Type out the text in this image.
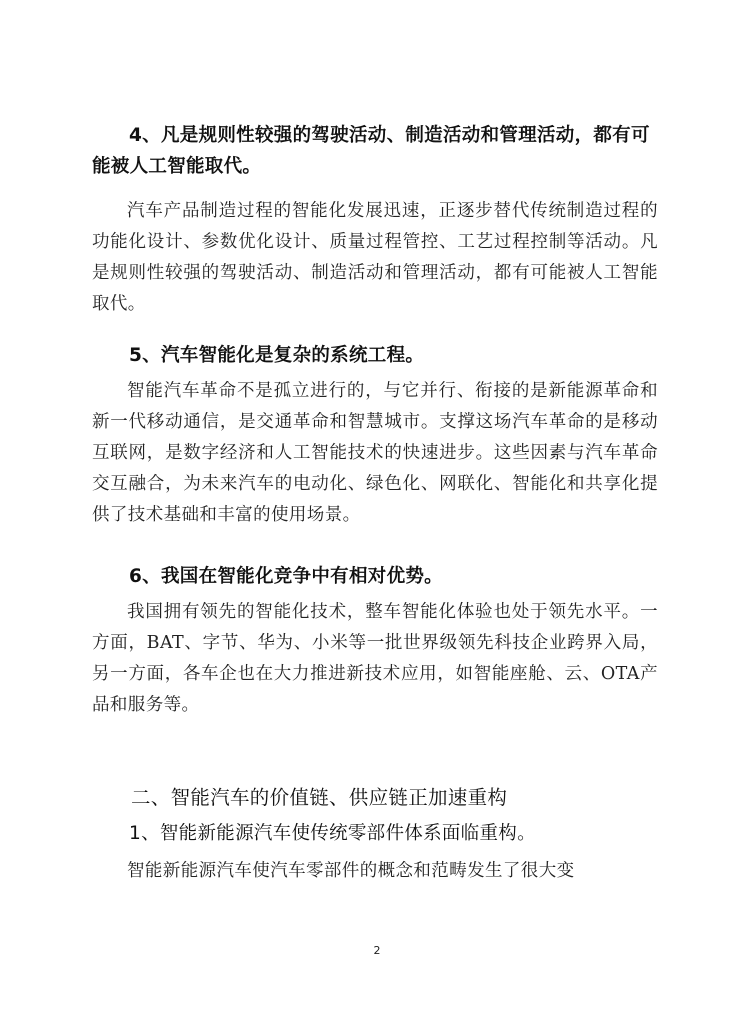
4、凡是规则性较强的驾驶活动、制造活动和管理活动，都有可能被人工智能取代。

汽车产品制造过程的智能化发展迅速，正逐步替代传统制造过程的功能化设计、参数优化设计、质量过程管控、工艺过程控制等活动。凡是规则性较强的驾驶活动、制造活动和管理活动，都有可能被人工智能取代。

5、汽车智能化是复杂的系统工程。

智能汽车革命不是孤立进行的，与它并行、衔接的是新能源革命和新一代移动通信，是交通革命和智慧城市。支撑这场汽车革命的是移动互联网，是数字经济和人工智能技术的快速进步。这些因素与汽车革命交互融合，为未来汽车的电动化、绿色化、网联化、智能化和共享化提供了技术基础和丰富的使用场景。

6、我国在智能化竞争中有相对优势。

我国拥有领先的智能化技术，整车智能化体验也处于领先水平。一方面，BAT、字节、华为、小米等一批世界级领先科技企业跨界入局，另一方面，各车企也在大力推进新技术应用，如智能座舱、云、OTA产品和服务等。

二、智能汽车的价值链、供应链正加速重构

1、智能新能源汽车使传统零部件体系面临重构。

智能新能源汽车使汽车零部件的概念和范畴发生了很大变

2
